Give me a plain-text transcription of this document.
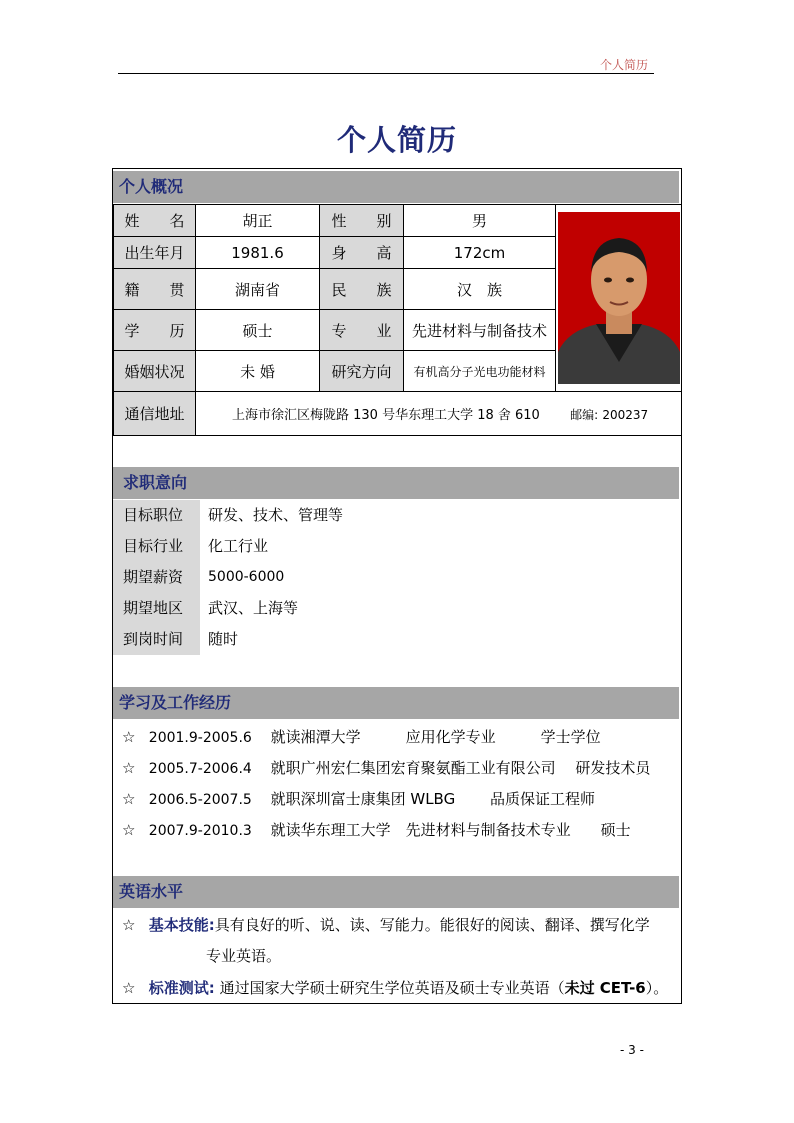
个人简历
个人简历
个人概况
姓　　名	胡正	性　　别	男	

出生年月	1981.6	身　　高	172cm	
籍　　贯	湖南省	民　　族	汉　族	
学　　历	硕士	专　　业	先进材料与制备技术	
婚姻状况	未 婚	研究方向	有机高分子光电功能材料	
通信地址	上海市徐汇区梅陇路 130 号华东理工大学 18 舍 610 邮编: 200237			
求职意向
目标职位	研发、技术、管理等
目标行业	化工行业
期望薪资	5000-6000
期望地区	武汉、上海等
到岗时间	随时
学习及工作经历
☆ 2001.9-2005.6 就读湘潭大学　　　应用化学专业　　　学士学位
☆ 2005.7-2006.4 就职广州宏仁集团宏育聚氨酯工业有限公司　 研发技术员
☆ 2006.5-2007.5 就职深圳富士康集团 WLBG　　 品质保证工程师
☆ 2007.9-2010.3 就读华东理工大学　先进材料与制备技术专业　　硕士
英语水平
☆ 基本技能:具有良好的听、说、读、写能力。能很好的阅读、翻译、撰写化学
专业英语。
☆ 标准测试: 通过国家大学硕士研究生学位英语及硕士专业英语（未过 CET-6）。
- 3 -
